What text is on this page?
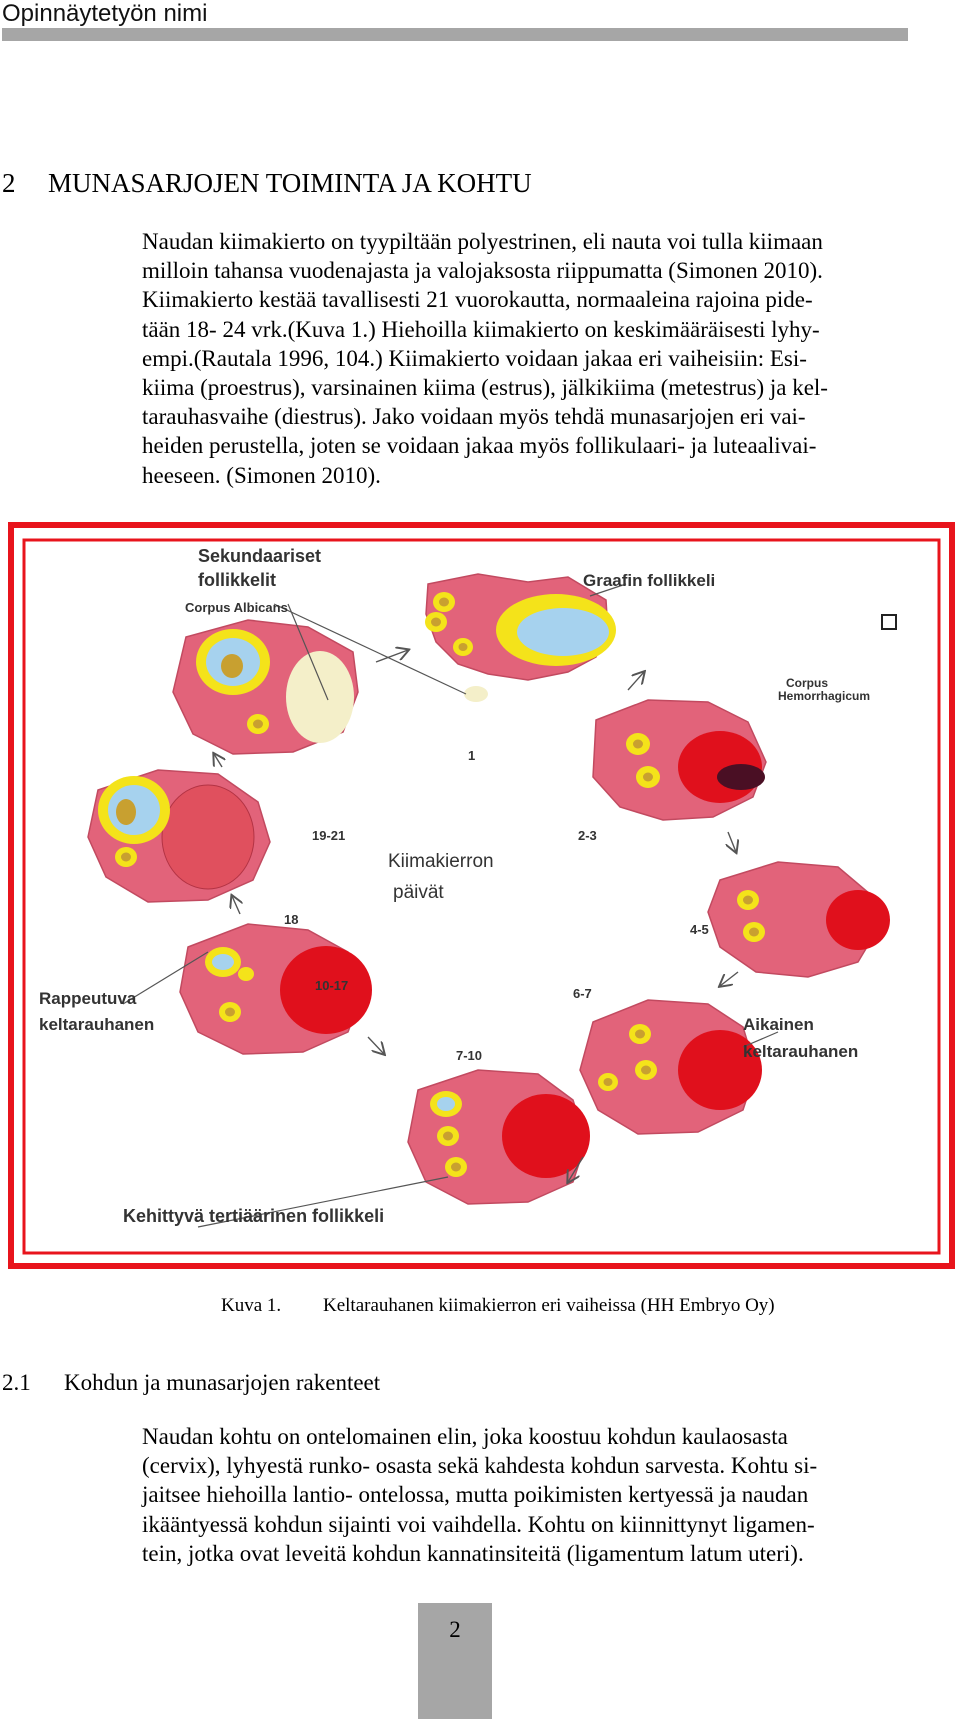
Opinnäytetyön nimi
2 MUNASARJOJEN TOIMINTA JA KOHTU
Naudan kiimakierto on tyypiltään polyestrinen, eli nauta voi tulla kiimaan
milloin tahansa vuodenajasta ja valojaksosta riippumatta (Simonen 2010).
Kiimakierto kestää tavallisesti 21 vuorokautta, normaaleina rajoina pide-
tään 18- 24 vrk.(Kuva 1.) Hiehoilla kiimakierto on keskimääräisesti lyhy-
empi.(Rautala 1996, 104.) Kiimakierto voidaan jakaa eri vaiheisiin: Esi-
kiima (proestrus), varsinainen kiima (estrus), jälkikiima (metestrus) ja kel-
tarauhasvaihe (diestrus). Jako voidaan myös tehdä munasarjojen eri vai-
heiden perustella, joten se voidaan jakaa myös follikulaari- ja luteaalivai-
heeseen. (Simonen 2010).
Sekundaariset
follikkelit
Corpus Albicans
Graafin follikkeli
Corpus
Hemorrhagicum
Kiimakierron
päivät
Rappeutuva
keltarauhanen	Aikainen
keltarauhanen
Kehittyvä tertiäärinen follikkeli
1
2-3
4-5
6-7
7-10
10-17
18
19-21
Kuva 1. Keltarauhanen kiimakierron eri vaiheissa (HH Embryo Oy)
2.1 Kohdun ja munasarjojen rakenteet
Naudan kohtu on ontelomainen elin, joka koostuu kohdun kaulaosasta
(cervix), lyhyestä runko- osasta sekä kahdesta kohdun sarvesta. Kohtu si-
jaitsee hiehoilla lantio- ontelossa, mutta poikimisten kertyessä ja naudan
ikääntyessä kohdun sijainti voi vaihdella. Kohtu on kiinnittynyt ligamen-
tein, jotka ovat leveitä kohdun kannatinsiteitä (ligamentum latum uteri).
2
